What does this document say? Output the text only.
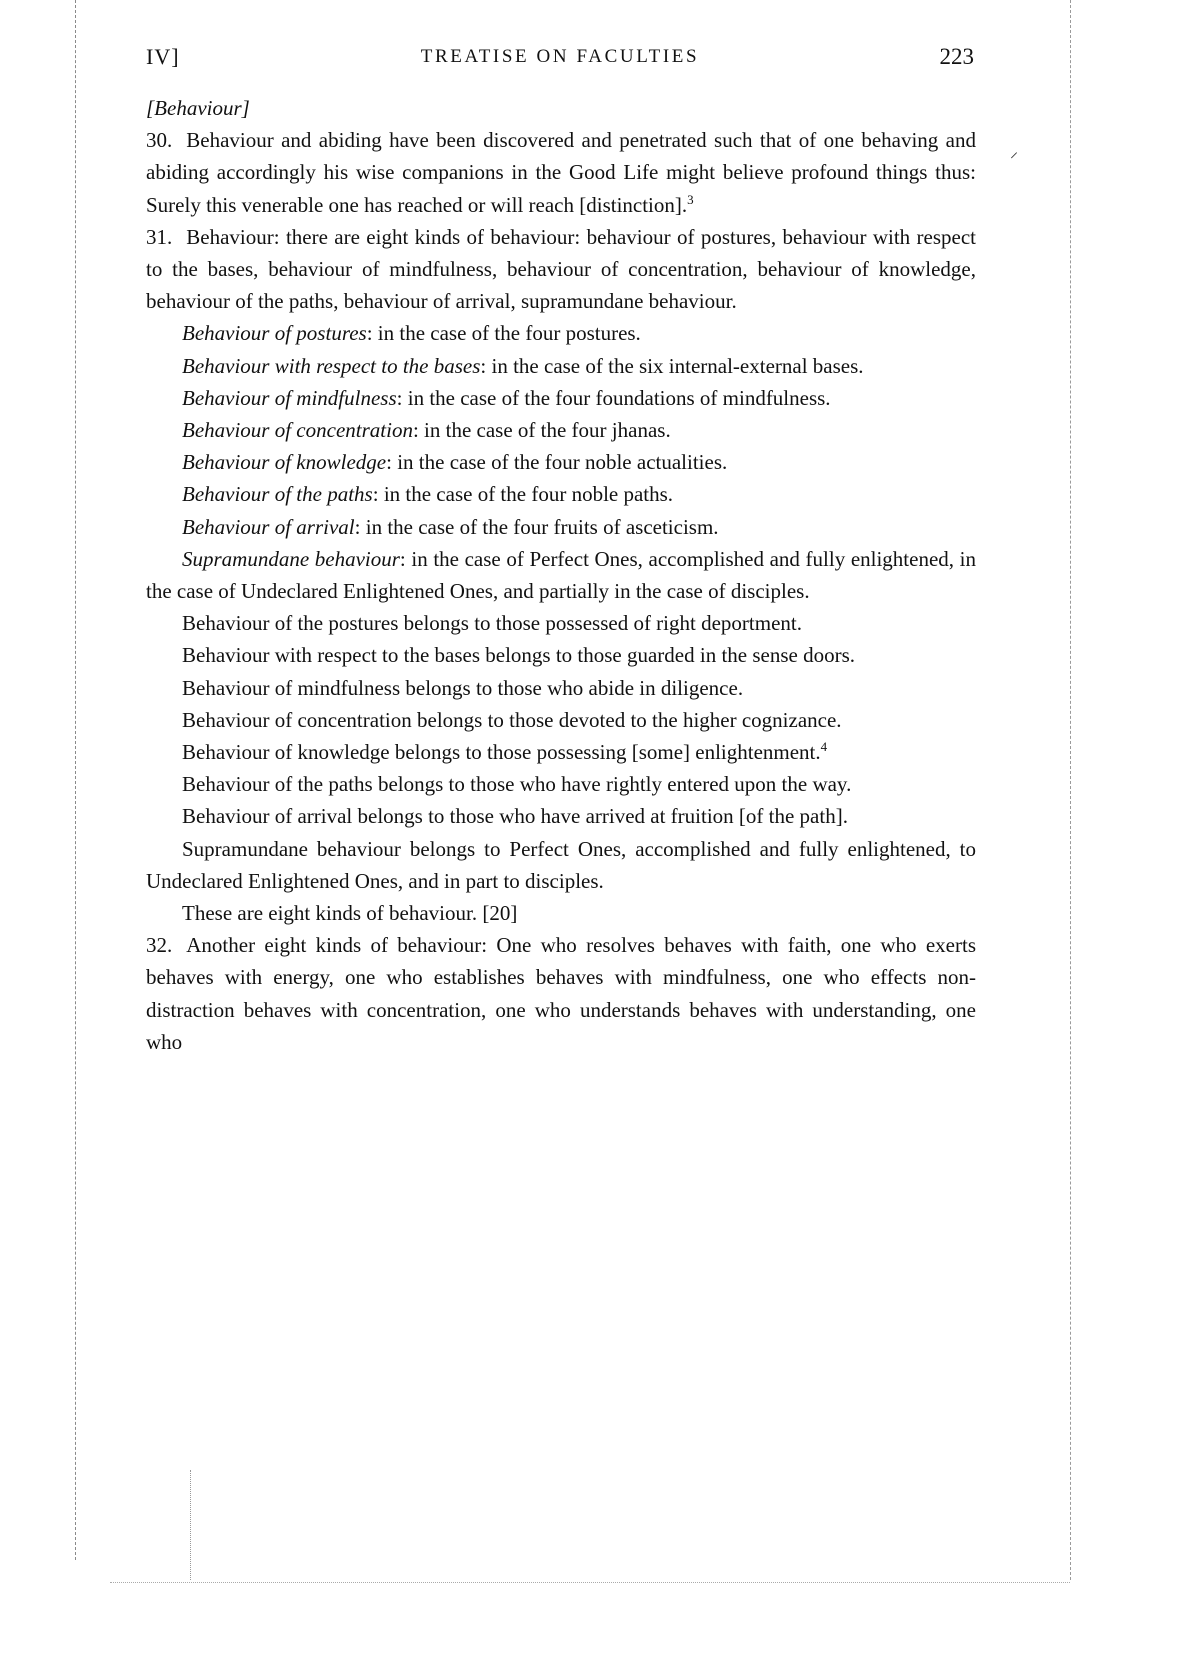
⸝
IV]	TREATISE ON FACULTIES	223

[Behaviour]

30. Behaviour and abiding have been discovered and penetrated such that of one behaving and abiding accordingly his wise companions in the Good Life might believe profound things thus: Surely this venerable one has reached or will reach [distinction].$^3$

31. Behaviour: there are eight kinds of behaviour: behaviour of postures, behaviour with respect to the bases, behaviour of mindfulness, behaviour of concentration, behaviour of knowledge, behaviour of the paths, behaviour of arrival, supramundane behaviour.

Behaviour of postures: in the case of the four postures.

Behaviour with respect to the bases: in the case of the six internal-external bases.

Behaviour of mindfulness: in the case of the four foundations of mindfulness.

Behaviour of concentration: in the case of the four jhanas.

Behaviour of knowledge: in the case of the four noble actualities.

Behaviour of the paths: in the case of the four noble paths.

Behaviour of arrival: in the case of the four fruits of asceticism.

Supramundane behaviour: in the case of Perfect Ones, accomplished and fully enlightened, in the case of Undeclared Enlightened Ones, and partially in the case of disciples.

Behaviour of the postures belongs to those possessed of right deportment.

Behaviour with respect to the bases belongs to those guarded in the sense doors.

Behaviour of mindfulness belongs to those who abide in diligence.

Behaviour of concentration belongs to those devoted to the higher cognizance.

Behaviour of knowledge belongs to those possessing [some] enlightenment.$^4$

Behaviour of the paths belongs to those who have rightly entered upon the way.

Behaviour of arrival belongs to those who have arrived at fruition [of the path].

Supramundane behaviour belongs to Perfect Ones, accomplished and fully enlightened, to Undeclared Enlightened Ones, and in part to disciples.

These are eight kinds of behaviour. [20]

32. Another eight kinds of behaviour: One who resolves behaves with faith, one who exerts behaves with energy, one who establishes behaves with mindfulness, one who effects non-distraction behaves with concentration, one who understands behaves with understanding, one who
